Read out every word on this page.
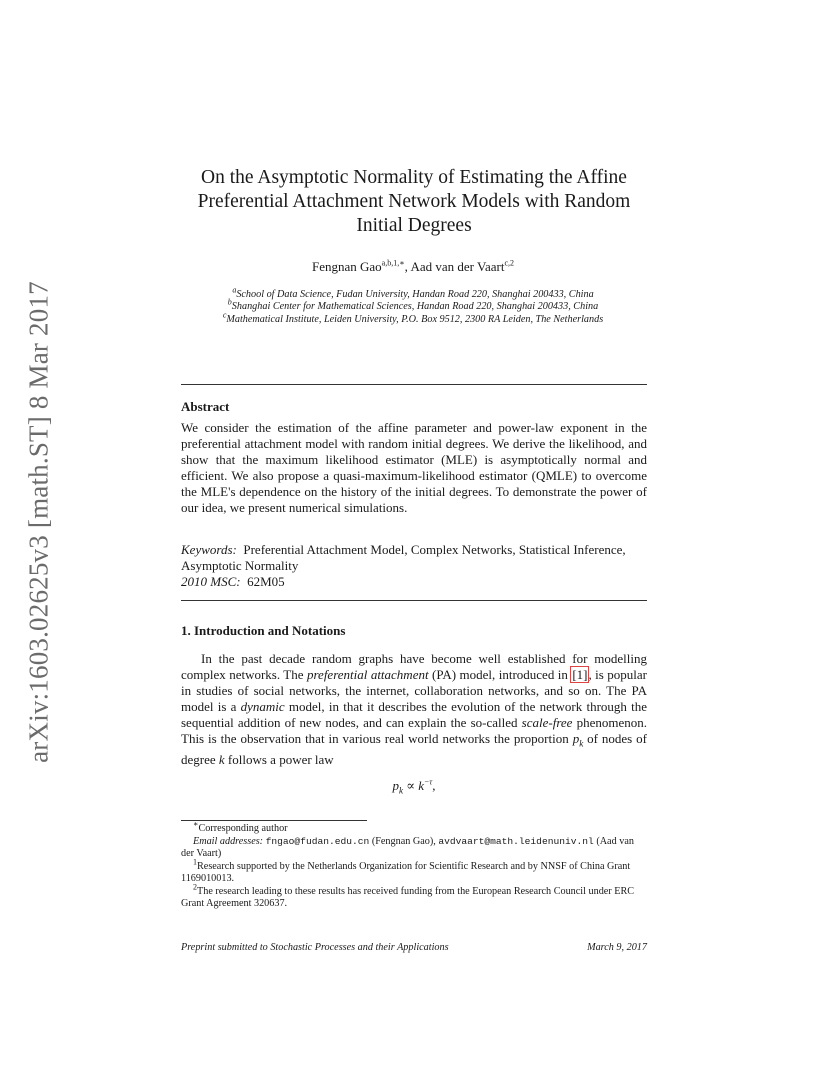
arXiv:1603.02625v3 [math.ST] 8 Mar 2017
On the Asymptotic Normality of Estimating the Affine
Preferential Attachment Network Models with Random
Initial Degrees
Fengnan Gao$^{a,b,1,∗}$, Aad van der Vaart$^{c,2}$
$^a$School of Data Science, Fudan University, Handan Road 220, Shanghai 200433, China
$^b$Shanghai Center for Mathematical Sciences, Handan Road 220, Shanghai 200433, China
$^c$Mathematical Institute, Leiden University, P.O. Box 9512, 2300 RA Leiden, The Netherlands
Abstract
We consider the estimation of the affine parameter and power-law exponent in the preferential attachment model with random initial degrees. We derive the likelihood, and show that the maximum likelihood estimator (MLE) is asymptotically normal and efficient. We also propose a quasi-maximum-likelihood estimator (QMLE) to overcome the MLE's dependence on the history of the initial degrees. To demonstrate the power of our idea, we present numerical simulations.
Keywords: Preferential Attachment Model, Complex Networks, Statistical Inference, Asymptotic Normality
2010 MSC: 62M05
1. Introduction and Notations
In the past decade random graphs have become well established for modelling complex networks. The preferential attachment (PA) model, introduced in [1], is popular in studies of social networks, the internet, collaboration networks, and so on. The PA model is a dynamic model, in that it describes the evolution of the network through the sequential addition of new nodes, and can explain the so-called scale-free phenomenon. This is the observation that in various real world networks the proportion $p_k$ of nodes of degree k follows a power law
$p_k \propto k^{-\tau}$,

∗Corresponding author

Email addresses: fngao@fudan.edu.cn (Fengnan Gao), avdvaart@math.leidenuniv.nl (Aad van der Vaart)

$^1$Research supported by the Netherlands Organization for Scientific Research and by NNSF of China Grant 1169010013.

$^2$The research leading to these results has received funding from the European Research Council under ERC Grant Agreement 320637.

Preprint submitted to Stochastic Processes and their Applications	March 9, 2017
